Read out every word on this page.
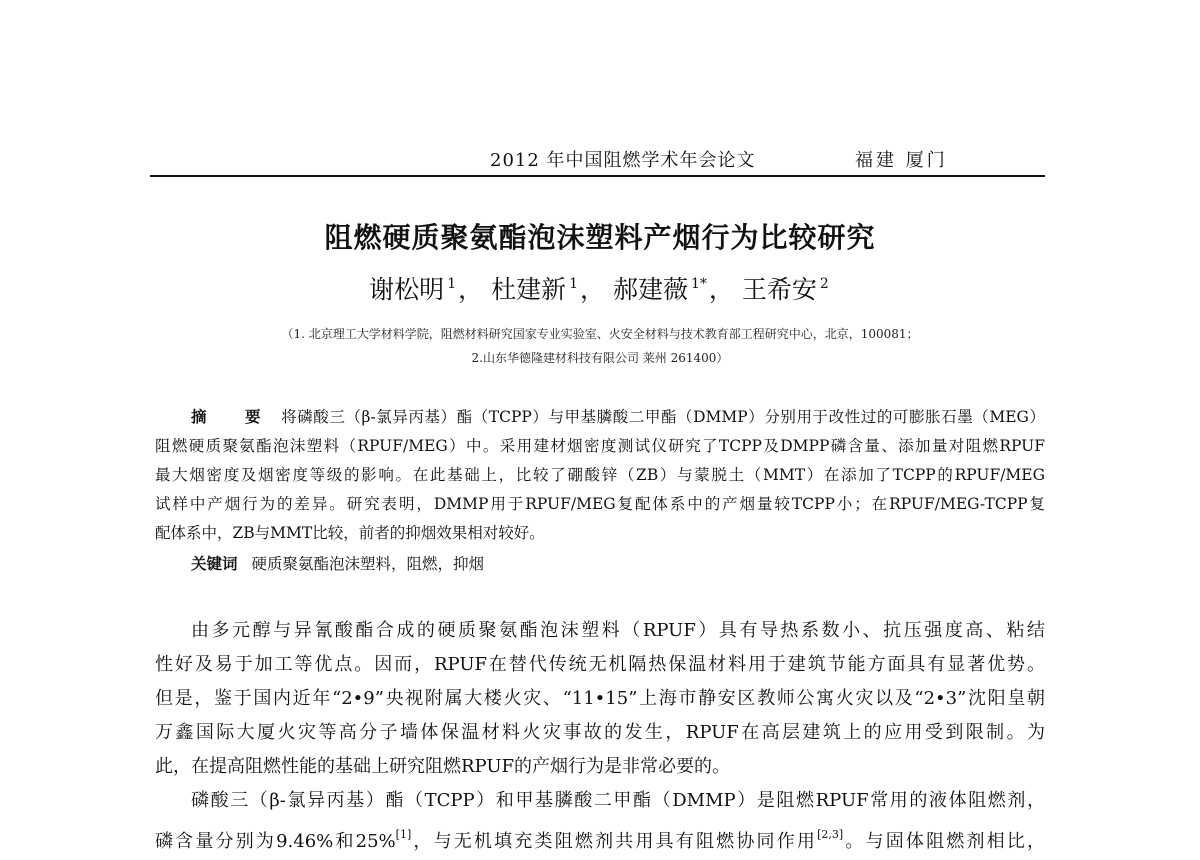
2012 年中国阻燃学术年会论文	福建 厦门
阻燃硬质聚氨酯泡沫塑料产烟行为比较研究
谢松明 $^1$， 杜建新 $^1$， 郝建薇 $^{1*}$， 王希安 $^2$
（1. 北京理工大学材料学院，阻燃材料研究国家专业实验室、火安全材料与技术教育部工程研究中心，北京，100081；
2.山东华德隆建材科技有限公司 莱州 261400）
摘 要 将磷酸三（β-氯异丙基）酯（TCPP）与甲基膦酸二甲酯（DMMP）分别用于改性过的可膨胀石墨（MEG）
阻燃硬质聚氨酯泡沫塑料（RPUF/MEG）中。采用建材烟密度测试仪研究了TCPP及DMPP磷含量、添加量对阻燃RPUF
最大烟密度及烟密度等级的影响。在此基础上，比较了硼酸锌（ZB）与蒙脱土（MMT）在添加了TCPP的RPUF/MEG
试样中产烟行为的差异。研究表明，DMMP用于RPUF/MEG复配体系中的产烟量较TCPP小；在RPUF/MEG-TCPP复
配体系中，ZB与MMT比较，前者的抑烟效果相对较好。
关键词 硬质聚氨酯泡沫塑料，阻燃，抑烟
由多元醇与异氰酸酯合成的硬质聚氨酯泡沫塑料（RPUF）具有导热系数小、抗压强度高、粘结
性好及易于加工等优点。因而，RPUF在替代传统无机隔热保温材料用于建筑节能方面具有显著优势。
但是，鉴于国内近年“2•9”央视附属大楼火灾、“11•15”上海市静安区教师公寓火灾以及“2•3”沈阳皇朝
万鑫国际大厦火灾等高分子墙体保温材料火灾事故的发生，RPUF在高层建筑上的应用受到限制。为
此，在提高阻燃性能的基础上研究阻燃RPUF的产烟行为是非常必要的。
磷酸三（β-氯异丙基）酯（TCPP）和甲基膦酸二甲酯（DMMP）是阻燃RPUF常用的液体阻燃剂，
磷含量分别为9.46%和25%[1]，与无机填充类阻燃剂共用具有阻燃协同作用[2,3]。与固体阻燃剂相比，
